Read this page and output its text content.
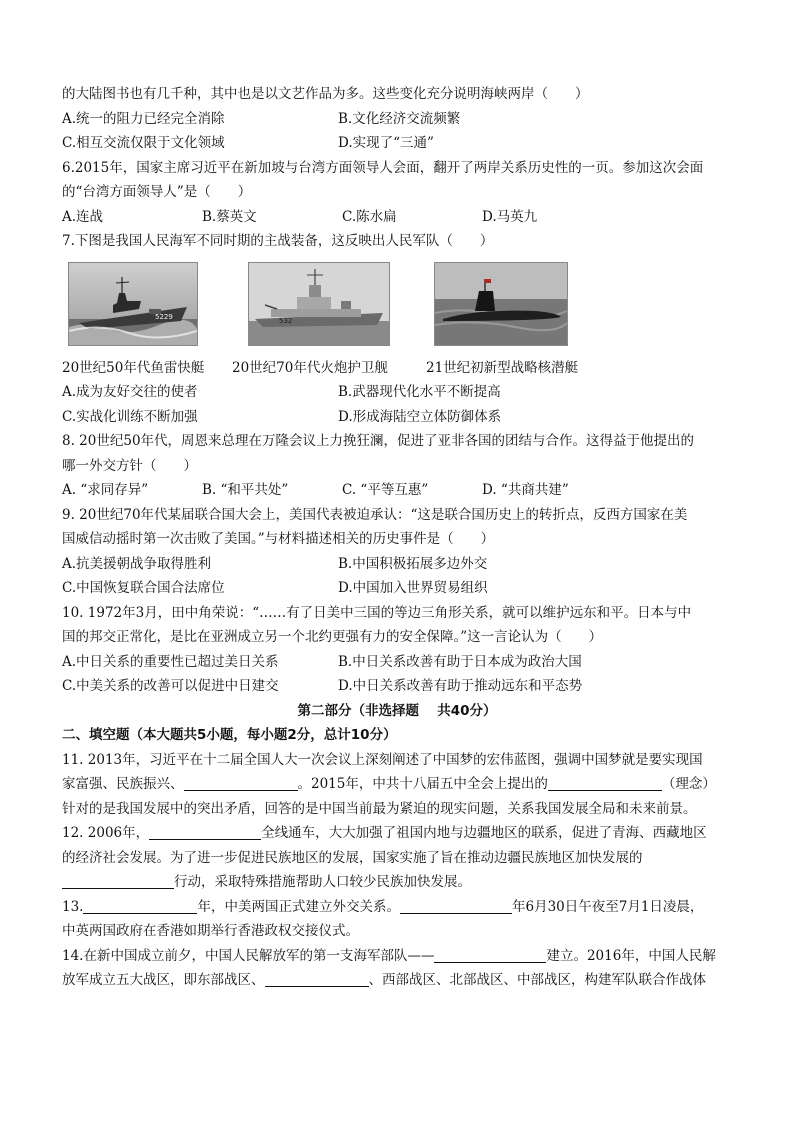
的大陆图书也有几千种，其中也是以文艺作品为多。这些变化充分说明海峡两岸（　　）
A.统一的阻力已经完全消除	B.文化经济交流频繁
C.相互交流仅限于文化领域	D.实现了“三通”
6.2015年，国家主席习近平在新加坡与台湾方面领导人会面，翻开了两岸关系历史性的一页。参加这次会面
的“台湾方面领导人”是（　　）
A.连战	B.蔡英文	C.陈水扁	D.马英九
7.下图是我国人民海军不同时期的主战装备，这反映出人民军队（　　）
5229	532
20世纪50年代鱼雷快艇	20世纪70年代火炮护卫舰	21世纪初新型战略核潜艇
A.成为友好交往的使者	B.武器现代化水平不断提高
C.实战化训练不断加强	D.形成海陆空立体防御体系
8. 20世纪50年代，周恩来总理在万隆会议上力挽狂澜，促进了亚非各国的团结与合作。这得益于他提出的
哪一外交方针（　　）
A. “求同存异”	B. “和平共处”	C. “平等互惠”	D. “共商共建”
9. 20世纪70年代某届联合国大会上，美国代表被迫承认：“这是联合国历史上的转折点，反西方国家在美
国威信动摇时第一次击败了美国。”与材料描述相关的历史事件是（　　）
A.抗美援朝战争取得胜利	B.中国积极拓展多边外交
C.中国恢复联合国合法席位	D.中国加入世界贸易组织
10. 1972年3月，田中角荣说：“……有了日美中三国的等边三角形关系，就可以维护远东和平。日本与中
国的邦交正常化，是比在亚洲成立另一个北约更强有力的安全保障。”这一言论认为（　　）
A.中日关系的重要性已超过美日关系	B.中日关系改善有助于日本成为政治大国
C.中美关系的改善可以促进中日建交	D.中日关系改善有助于推动远东和平态势
第二部分（非选择题　 共40分）
二、填空题（本大题共5小题，每小题2分，总计10分）
11. 2013年，习近平在十二届全国人大一次会议上深刻阐述了中国梦的宏伟蓝图，强调中国梦就是要实现国
家富强、民族振兴、	。2015年，中共十八届五中全会上提出的	（理念）
针对的是我国发展中的突出矛盾，回答的是中国当前最为紧迫的现实问题，关系我国发展全局和未来前景。
12. 2006年，	全线通车，大大加强了祖国内地与边疆地区的联系，促进了青海、西藏地区
的经济社会发展。为了进一步促进民族地区的发展，国家实施了旨在推动边疆民族地区加快发展的
行动，采取特殊措施帮助人口较少民族加快发展。
13.	年，中美两国正式建立外交关系。	年6月30日午夜至7月1日凌晨，
中英两国政府在香港如期举行香港政权交接仪式。
14.在新中国成立前夕，中国人民解放军的第一支海军部队——	建立。2016年，中国人民解
放军成立五大战区，即东部战区、	、西部战区、北部战区、中部战区，构建军队联合作战体
